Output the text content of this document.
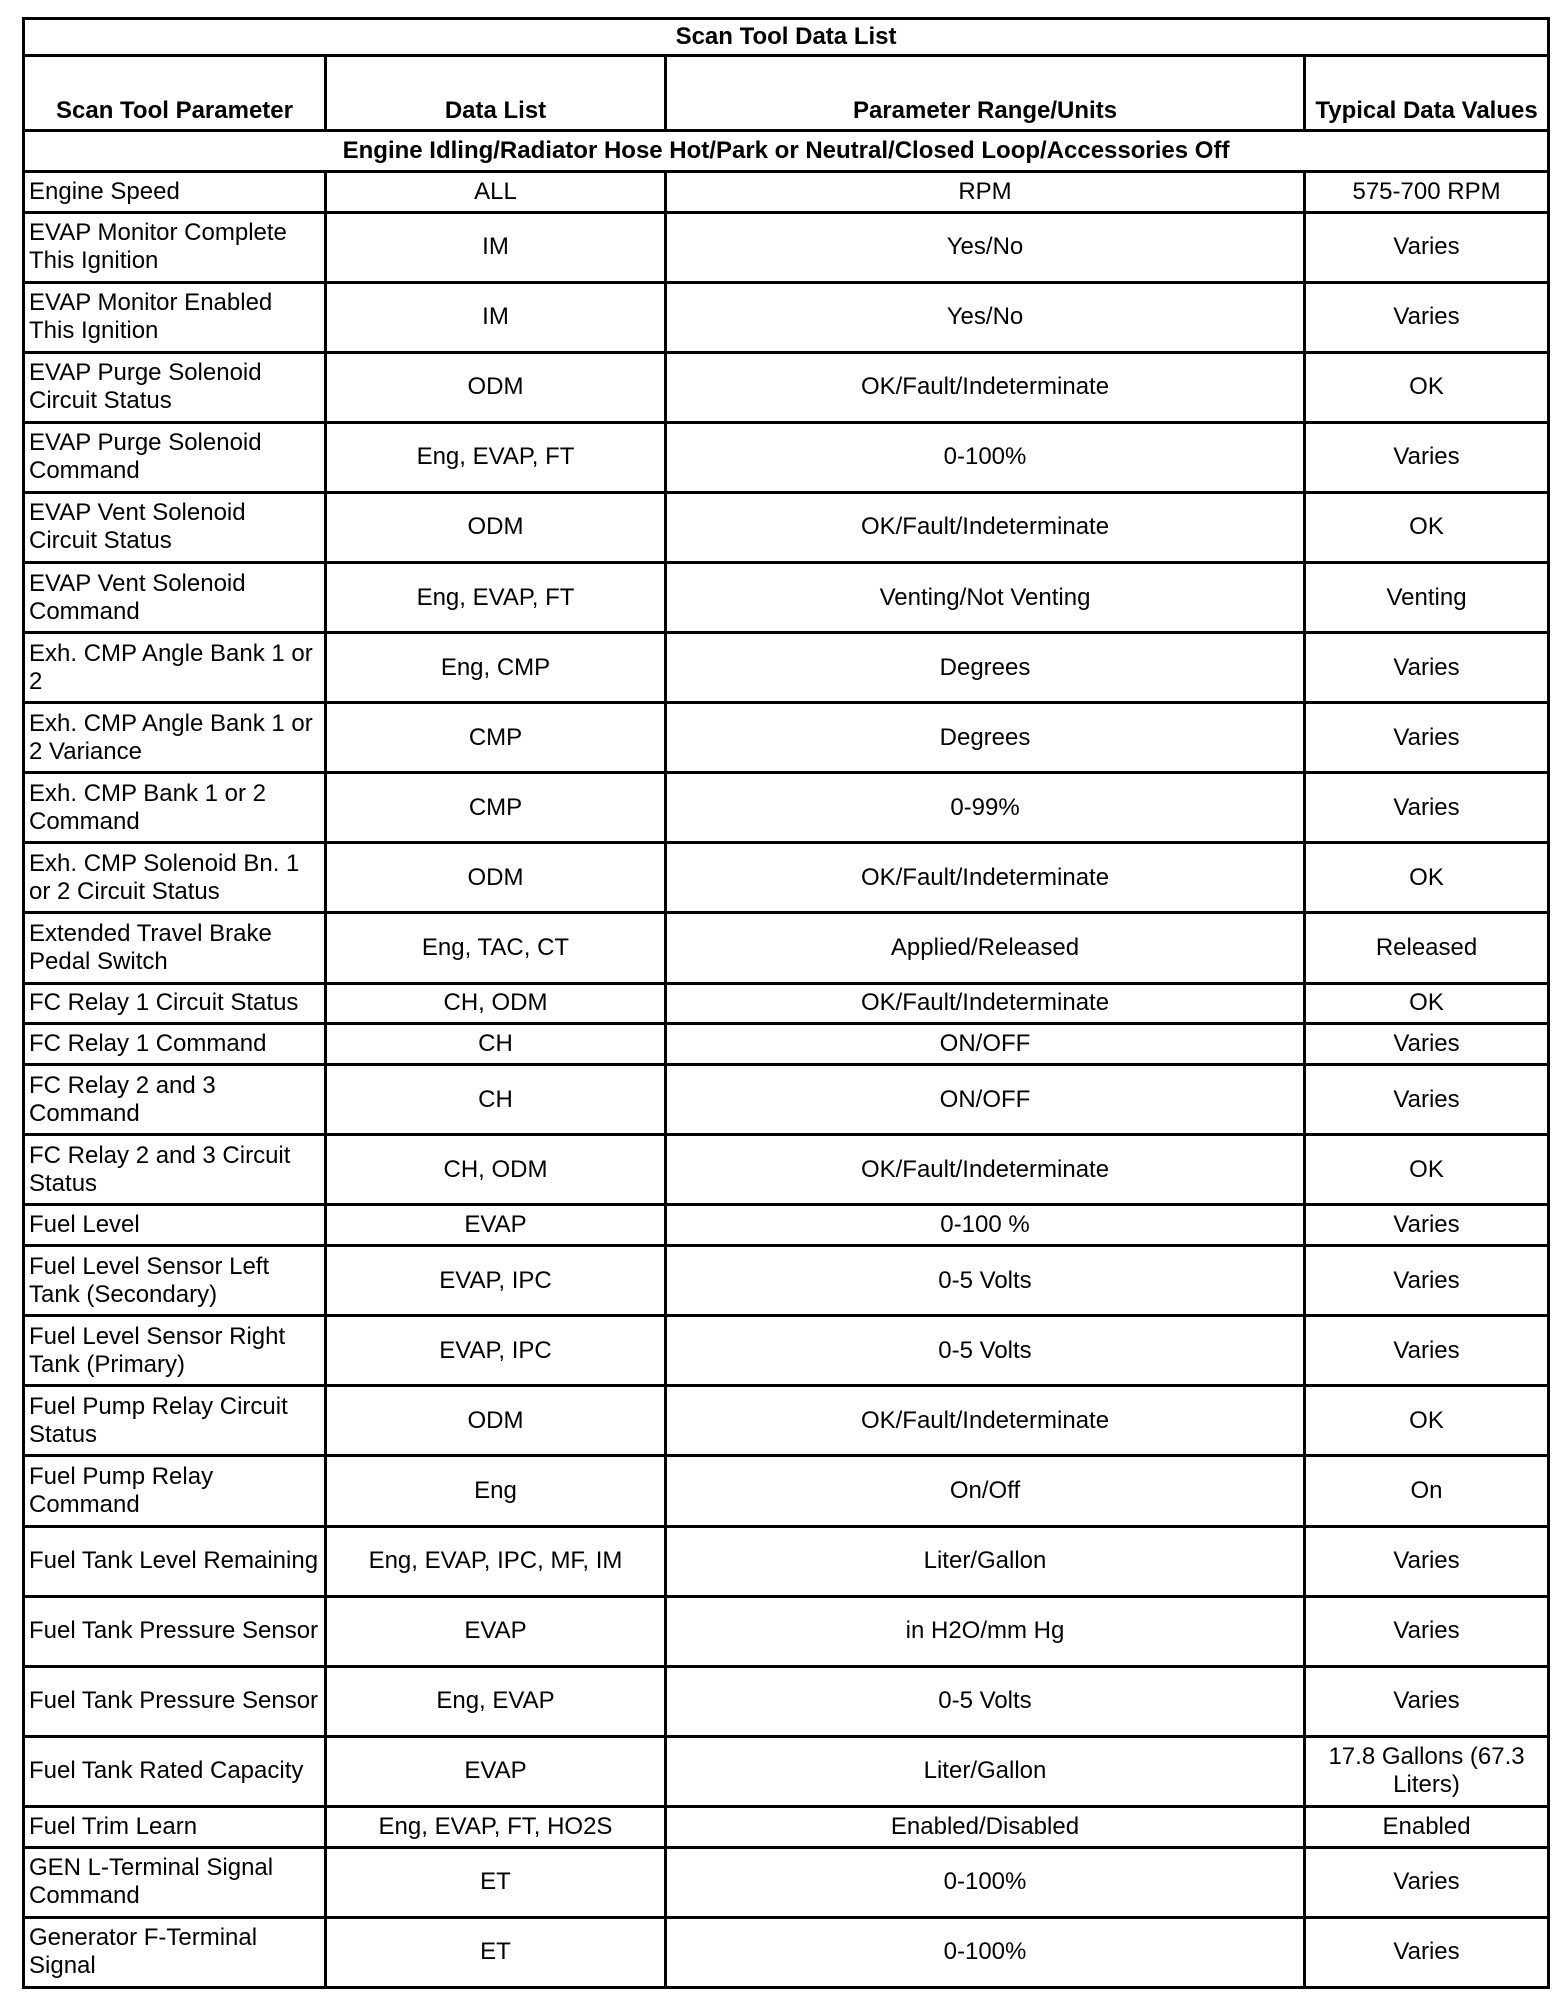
Scan Tool Data List			
Scan Tool Parameter	Data List	Parameter Range/Units	Typical Data Values
Engine Idling/Radiator Hose Hot/Park or Neutral/Closed Loop/Accessories Off			
Engine Speed	ALL	RPM	575-700 RPM
EVAP Monitor Complete This Ignition	IM	Yes/No	Varies
EVAP Monitor Enabled This Ignition	IM	Yes/No	Varies
EVAP Purge Solenoid Circuit Status	ODM	OK/Fault/Indeterminate	OK
EVAP Purge Solenoid Command	Eng, EVAP, FT	0-100%	Varies
EVAP Vent Solenoid Circuit Status	ODM	OK/Fault/Indeterminate	OK
EVAP Vent Solenoid Command	Eng, EVAP, FT	Venting/Not Venting	Venting
Exh. CMP Angle Bank 1 or 2	Eng, CMP	Degrees	Varies
Exh. CMP Angle Bank 1 or 2 Variance	CMP	Degrees	Varies
Exh. CMP Bank 1 or 2 Command	CMP	0-99%	Varies
Exh. CMP Solenoid Bn. 1 or 2 Circuit Status	ODM	OK/Fault/Indeterminate	OK
Extended Travel Brake Pedal Switch	Eng, TAC, CT	Applied/Released	Released
FC Relay 1 Circuit Status	CH, ODM	OK/Fault/Indeterminate	OK
FC Relay 1 Command	CH	ON/OFF	Varies
FC Relay 2 and 3 Command	CH	ON/OFF	Varies
FC Relay 2 and 3 Circuit Status	CH, ODM	OK/Fault/Indeterminate	OK
Fuel Level	EVAP	0-100 %	Varies
Fuel Level Sensor Left Tank (Secondary)	EVAP, IPC	0-5 Volts	Varies
Fuel Level Sensor Right Tank (Primary)	EVAP, IPC	0-5 Volts	Varies
Fuel Pump Relay Circuit Status	ODM	OK/Fault/Indeterminate	OK
Fuel Pump Relay Command	Eng	On/Off	On
Fuel Tank Level Remaining	Eng, EVAP, IPC, MF, IM	Liter/Gallon	Varies
Fuel Tank Pressure Sensor	EVAP	in H2O/mm Hg	Varies
Fuel Tank Pressure Sensor	Eng, EVAP	0-5 Volts	Varies
Fuel Tank Rated Capacity	EVAP	Liter/Gallon	17.8 Gallons (67.3 Liters)
Fuel Trim Learn	Eng, EVAP, FT, HO2S	Enabled/Disabled	Enabled
GEN L-Terminal Signal Command	ET	0-100%	Varies
Generator F-Terminal Signal	ET	0-100%	Varies
